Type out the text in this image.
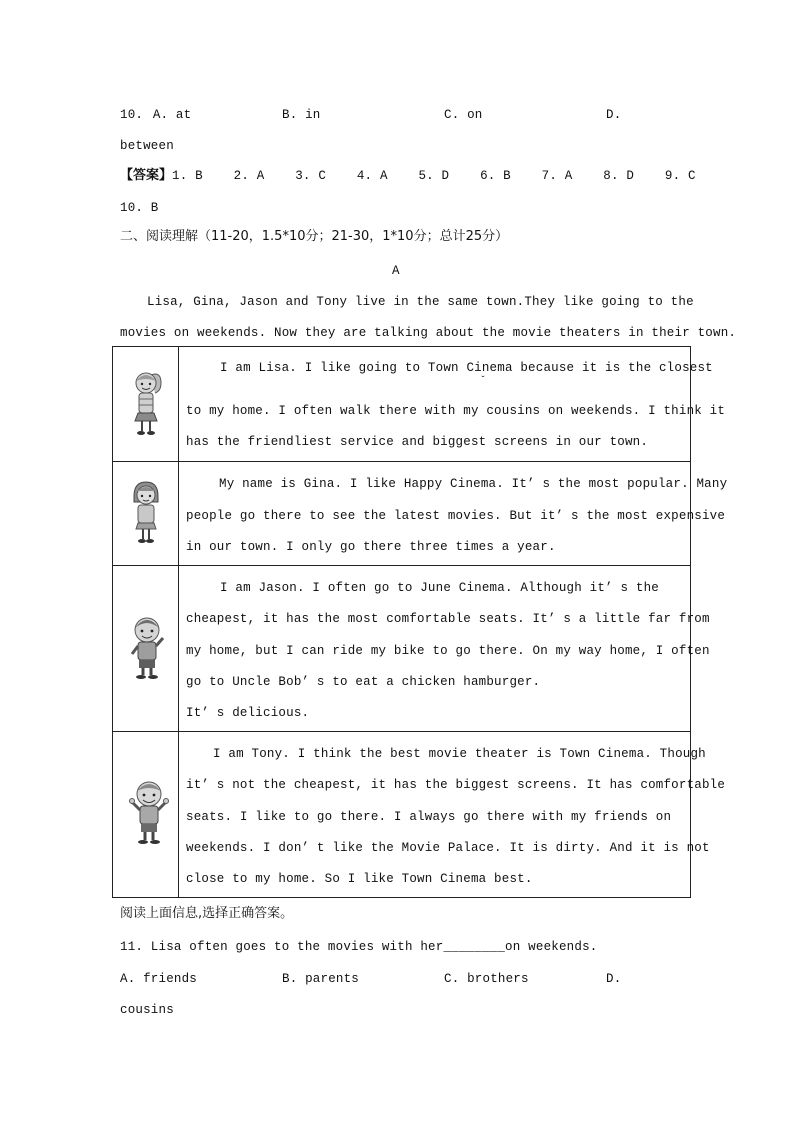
10. A. at	B. in	C. on	D.
between
【答案】1. B    2. A    3. C    4. A    5. D    6. B    7. A    8. D    9. C
10. B
二、阅读理解（11-20，1.5*10分；21-30，1*10分；总计25分）
A
Lisa, Gina, Jason and Tony live in the same town.They like going to the
movies on weekends. Now they are talking about the movie theaters in their town.

I am Lisa. I like going to Town Cinema because it is the closest
ˇ
to my home. I often walk there with my cousins on weekends. I think it
has the friendliest service and biggest screens in our town.

My name is Gina. I like Happy Cinema. It’ s the most popular. Many
people go there to see the latest movies. But it’ s the most expensive
in our town. I only go there three times a year.

I am Jason. I often go to June Cinema. Although it’ s the
cheapest, it has the most comfortable seats. It’ s a little far from
my home, but I can ride my bike to go there. On my way home, I often
go to Uncle Bob’ s to eat a chicken hamburger.
It’ s delicious.

I am Tony. I think the best movie theater is Town Cinema. Though
it’ s not the cheapest, it has the biggest screens. It has comfortable
seats. I like to go there. I always go there with my friends on
weekends. I don’ t like the Movie Palace. It is dirty. And it is not
close to my home. So I like Town Cinema best.
阅读上面信息,选择正确答案。
11. Lisa often goes to the movies with her________on weekends.
A. friends	B. parents	C. brothers	D.
cousins
